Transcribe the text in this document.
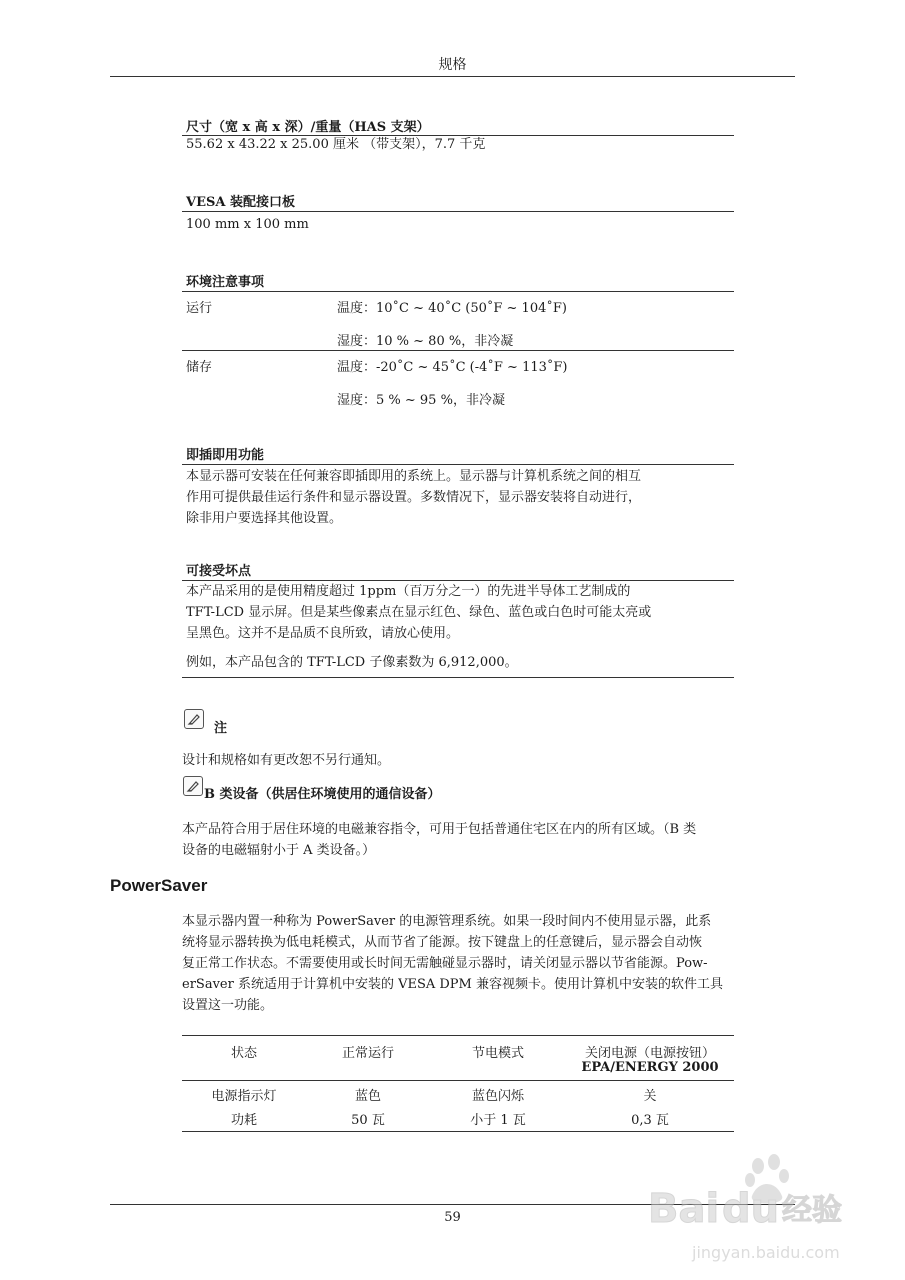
规格
尺寸（宽 x 高 x 深）/重量（HAS 支架）
55.62 x 43.22 x 25.00 厘米 （带支架），7.7 千克
VESA 装配接口板
100 mm x 100 mm
环境注意事项
运行	温度：10˚C ~ 40˚C (50˚F ~ 104˚F)
湿度：10 % ~ 80 %，非冷凝
储存	温度：-20˚C ~ 45˚C (-4˚F ~ 113˚F)
湿度：5 % ~ 95 %，非冷凝
即插即用功能
本显示器可安装在任何兼容即插即用的系统上。显示器与计算机系统之间的相互
作用可提供最佳运行条件和显示器设置。多数情况下，显示器安装将自动进行，
除非用户要选择其他设置。
可接受坏点
本产品采用的是使用精度超过 1ppm（百万分之一）的先进半导体工艺制成的
TFT-LCD 显示屏。但是某些像素点在显示红色、绿色、蓝色或白色时可能太亮或
呈黑色。这并不是品质不良所致，请放心使用。
例如，本产品包含的 TFT-LCD 子像素数为 6,912,000。
注
设计和规格如有更改恕不另行通知。
B 类设备（供居住环境使用的通信设备）
本产品符合用于居住环境的电磁兼容指令，可用于包括普通住宅区在内的所有区域。（B 类
设备的电磁辐射小于 A 类设备。）
PowerSaver
本显示器内置一种称为 PowerSaver 的电源管理系统。如果一段时间内不使用显示器，此系
统将显示器转换为低电耗模式，从而节省了能源。按下键盘上的任意键后，显示器会自动恢
复正常工作状态。不需要使用或长时间无需触碰显示器时，请关闭显示器以节省能源。Pow-
erSaver 系统适用于计算机中安装的 VESA DPM 兼容视频卡。使用计算机中安装的软件工具
设置这一功能。
状态	正常运行	节电模式	关闭电源（电源按钮）
EPA/ENERGY 2000
电源指示灯	蓝色	蓝色闪烁	关
功耗	50 瓦	小于 1 瓦	0,3 瓦
59	Bai du 经验
jingyan.baidu.com
